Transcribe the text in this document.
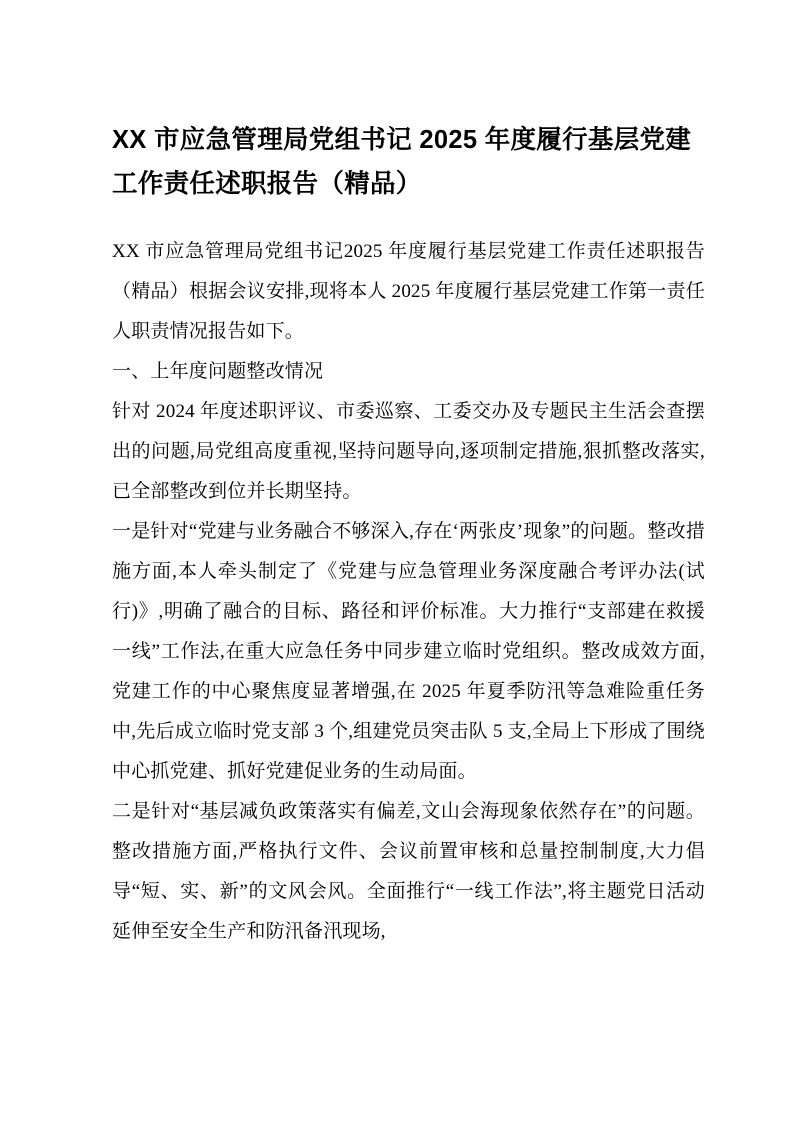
XX 市应急管理局党组书记 2025 年度履行基层党建工作责任述职报告（精品）

XX 市应急管理局党组书记2025 年度履行基层党建工作责任述职报告（精品）根据会议安排,现将本人 2025 年度履行基层党建工作第一责任人职责情况报告如下。

一、上年度问题整改情况

针对 2024 年度述职评议、市委巡察、工委交办及专题民主生活会查摆出的问题,局党组高度重视,坚持问题导向,逐项制定措施,狠抓整改落实,已全部整改到位并长期坚持。

一是针对“党建与业务融合不够深入,存在‘两张皮’现象”的问题。整改措施方面,本人牵头制定了《党建与应急管理业务深度融合考评办法(试行)》,明确了融合的目标、路径和评价标准。大力推行“支部建在救援一线”工作法,在重大应急任务中同步建立临时党组织。整改成效方面,党建工作的中心聚焦度显著增强,在 2025 年夏季防汛等急难险重任务中,先后成立临时党支部 3 个,组建党员突击队 5 支,全局上下形成了围绕中心抓党建、抓好党建促业务的生动局面。

二是针对“基层减负政策落实有偏差,文山会海现象依然存在”的问题。整改措施方面,严格执行文件、会议前置审核和总量控制制度,大力倡导“短、实、新”的文风会风。全面推行“一线工作法”,将主题党日活动延伸至安全生产和防汛备汛现场,
